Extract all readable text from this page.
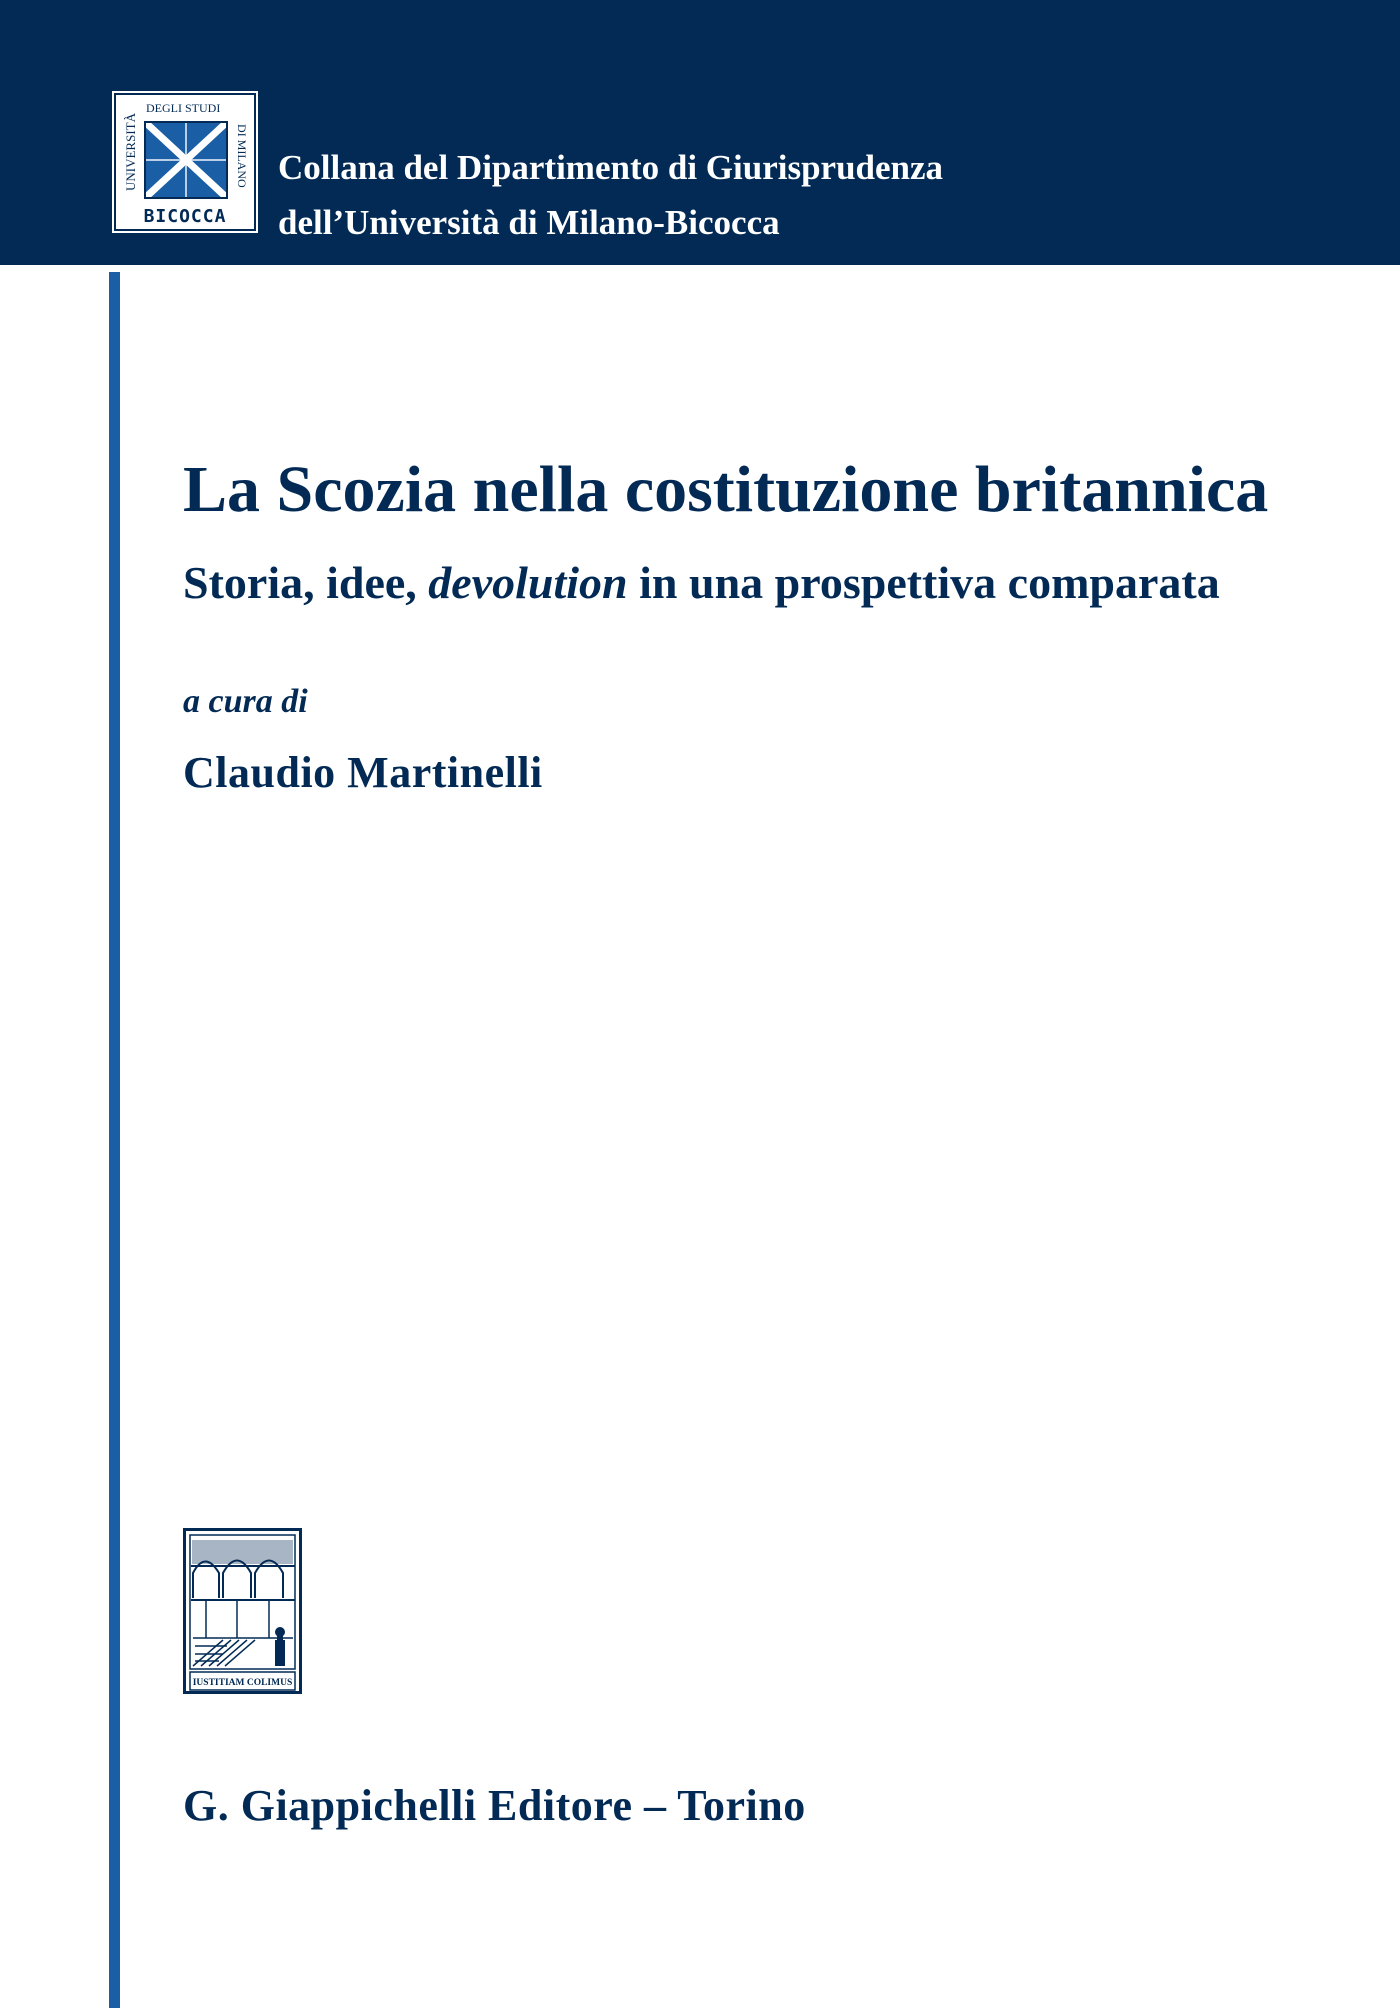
UNIVERSITÀ
DEGLI STUDI
DI MILANO
BICOCCA
Collana del Dipartimento di Giurisprudenza
dell’Università di Milano-Bicocca
La Scozia nella costituzione britannica
Storia, idee, devolution in una prospettiva comparata
a cura di
Claudio Martinelli
IUSTITIAM COLIMUS
G. Giappichelli Editore – Torino
